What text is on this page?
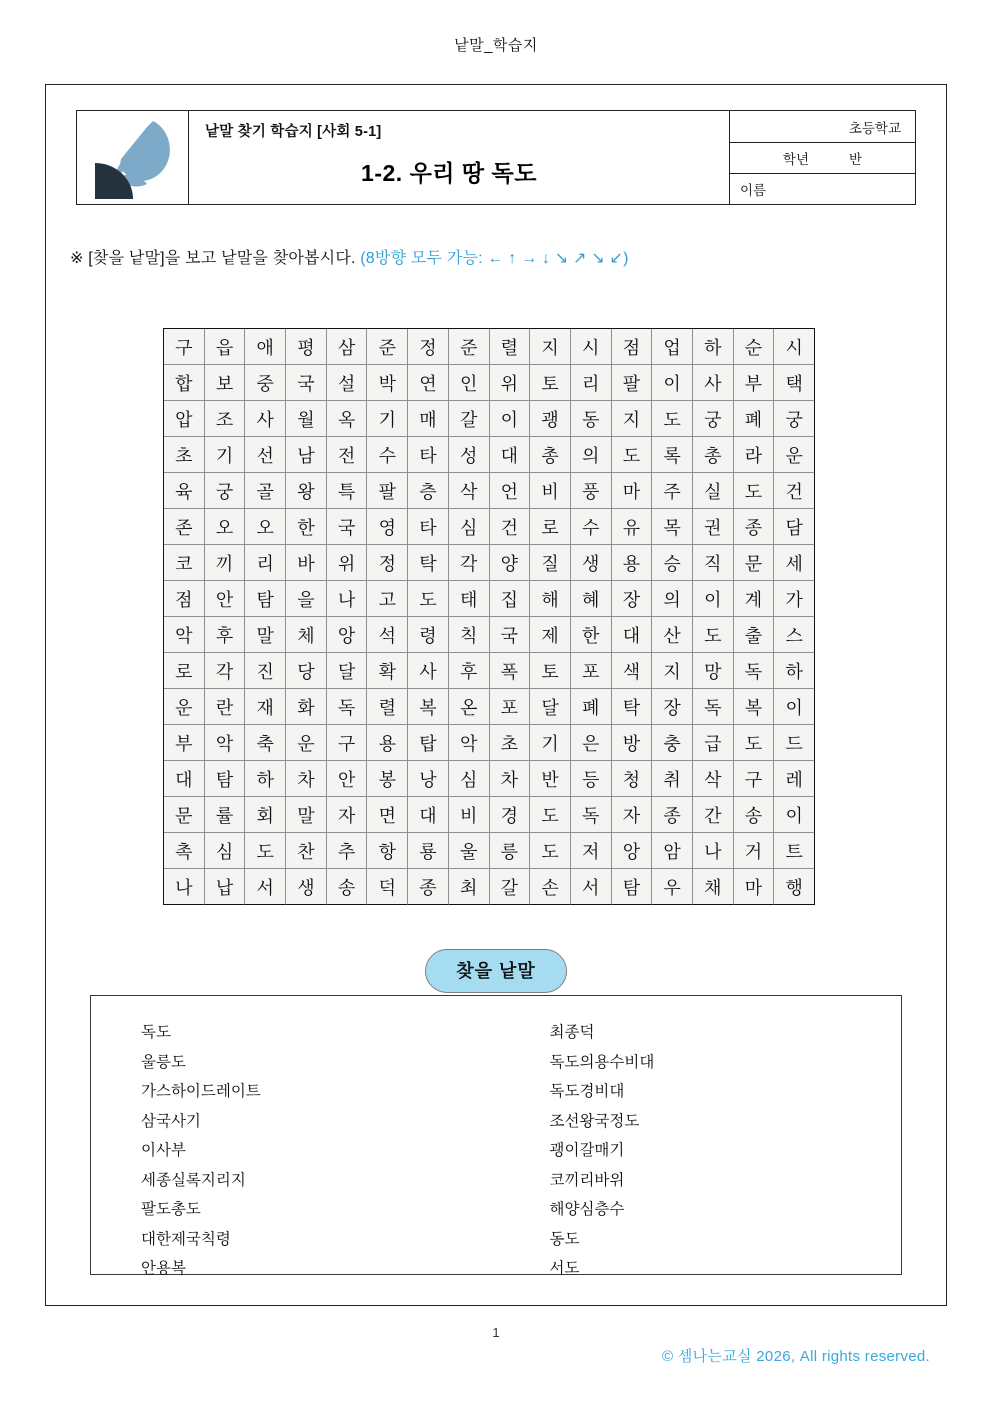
낱말_학습지
낱말 찾기 학습지 [사회 5-1]
1-2. 우리 땅 독도
초등학교
학년	반
이름
※ [찾을 낱말]을 보고 낱말을 찾아봅시다. (8방향 모두 가능: ← ↑ → ↓ ↘ ↗ ↘ ↙)
구	읍	애	평	삼	준	정	준	렬	지	시	점	업	하	순	시
합	보	중	국	설	박	연	인	위	토	리	팔	이	사	부	택
압	조	사	월	옥	기	매	갈	이	괭	동	지	도	궁	폐	궁
초	기	선	남	전	수	타	성	대	총	의	도	록	총	라	운
육	궁	골	왕	특	팔	층	삭	언	비	풍	마	주	실	도	건
존	오	오	한	국	영	타	심	건	로	수	유	목	권	종	담
코	끼	리	바	위	정	탁	각	양	질	생	용	승	직	문	세
점	안	탐	을	나	고	도	태	집	해	혜	장	의	이	계	가
악	후	말	체	앙	석	령	칙	국	제	한	대	산	도	출	스
로	각	진	당	달	확	사	후	폭	토	포	색	지	망	독	하
운	란	재	화	독	렬	복	온	포	달	폐	탁	장	독	복	이
부	악	축	운	구	용	탑	악	초	기	은	방	충	급	도	드
대	탐	하	차	안	봉	낭	심	차	반	등	청	취	삭	구	레
문	률	회	말	자	면	대	비	경	도	독	자	종	간	송	이
촉	심	도	찬	추	항	룡	울	릉	도	저	앙	암	나	거	트
나	납	서	생	송	덕	종	최	갈	손	서	탐	우	채	마	행
찾을 낱말
독도
울릉도
가스하이드레이트
삼국사기
이사부
세종실록지리지
팔도총도
대한제국칙령
안용복
최종덕
독도의용수비대
독도경비대
조선왕국정도
괭이갈매기
코끼리바위
해양심층수
동도
서도
1
© 셈나는교실 2026, All rights reserved.
